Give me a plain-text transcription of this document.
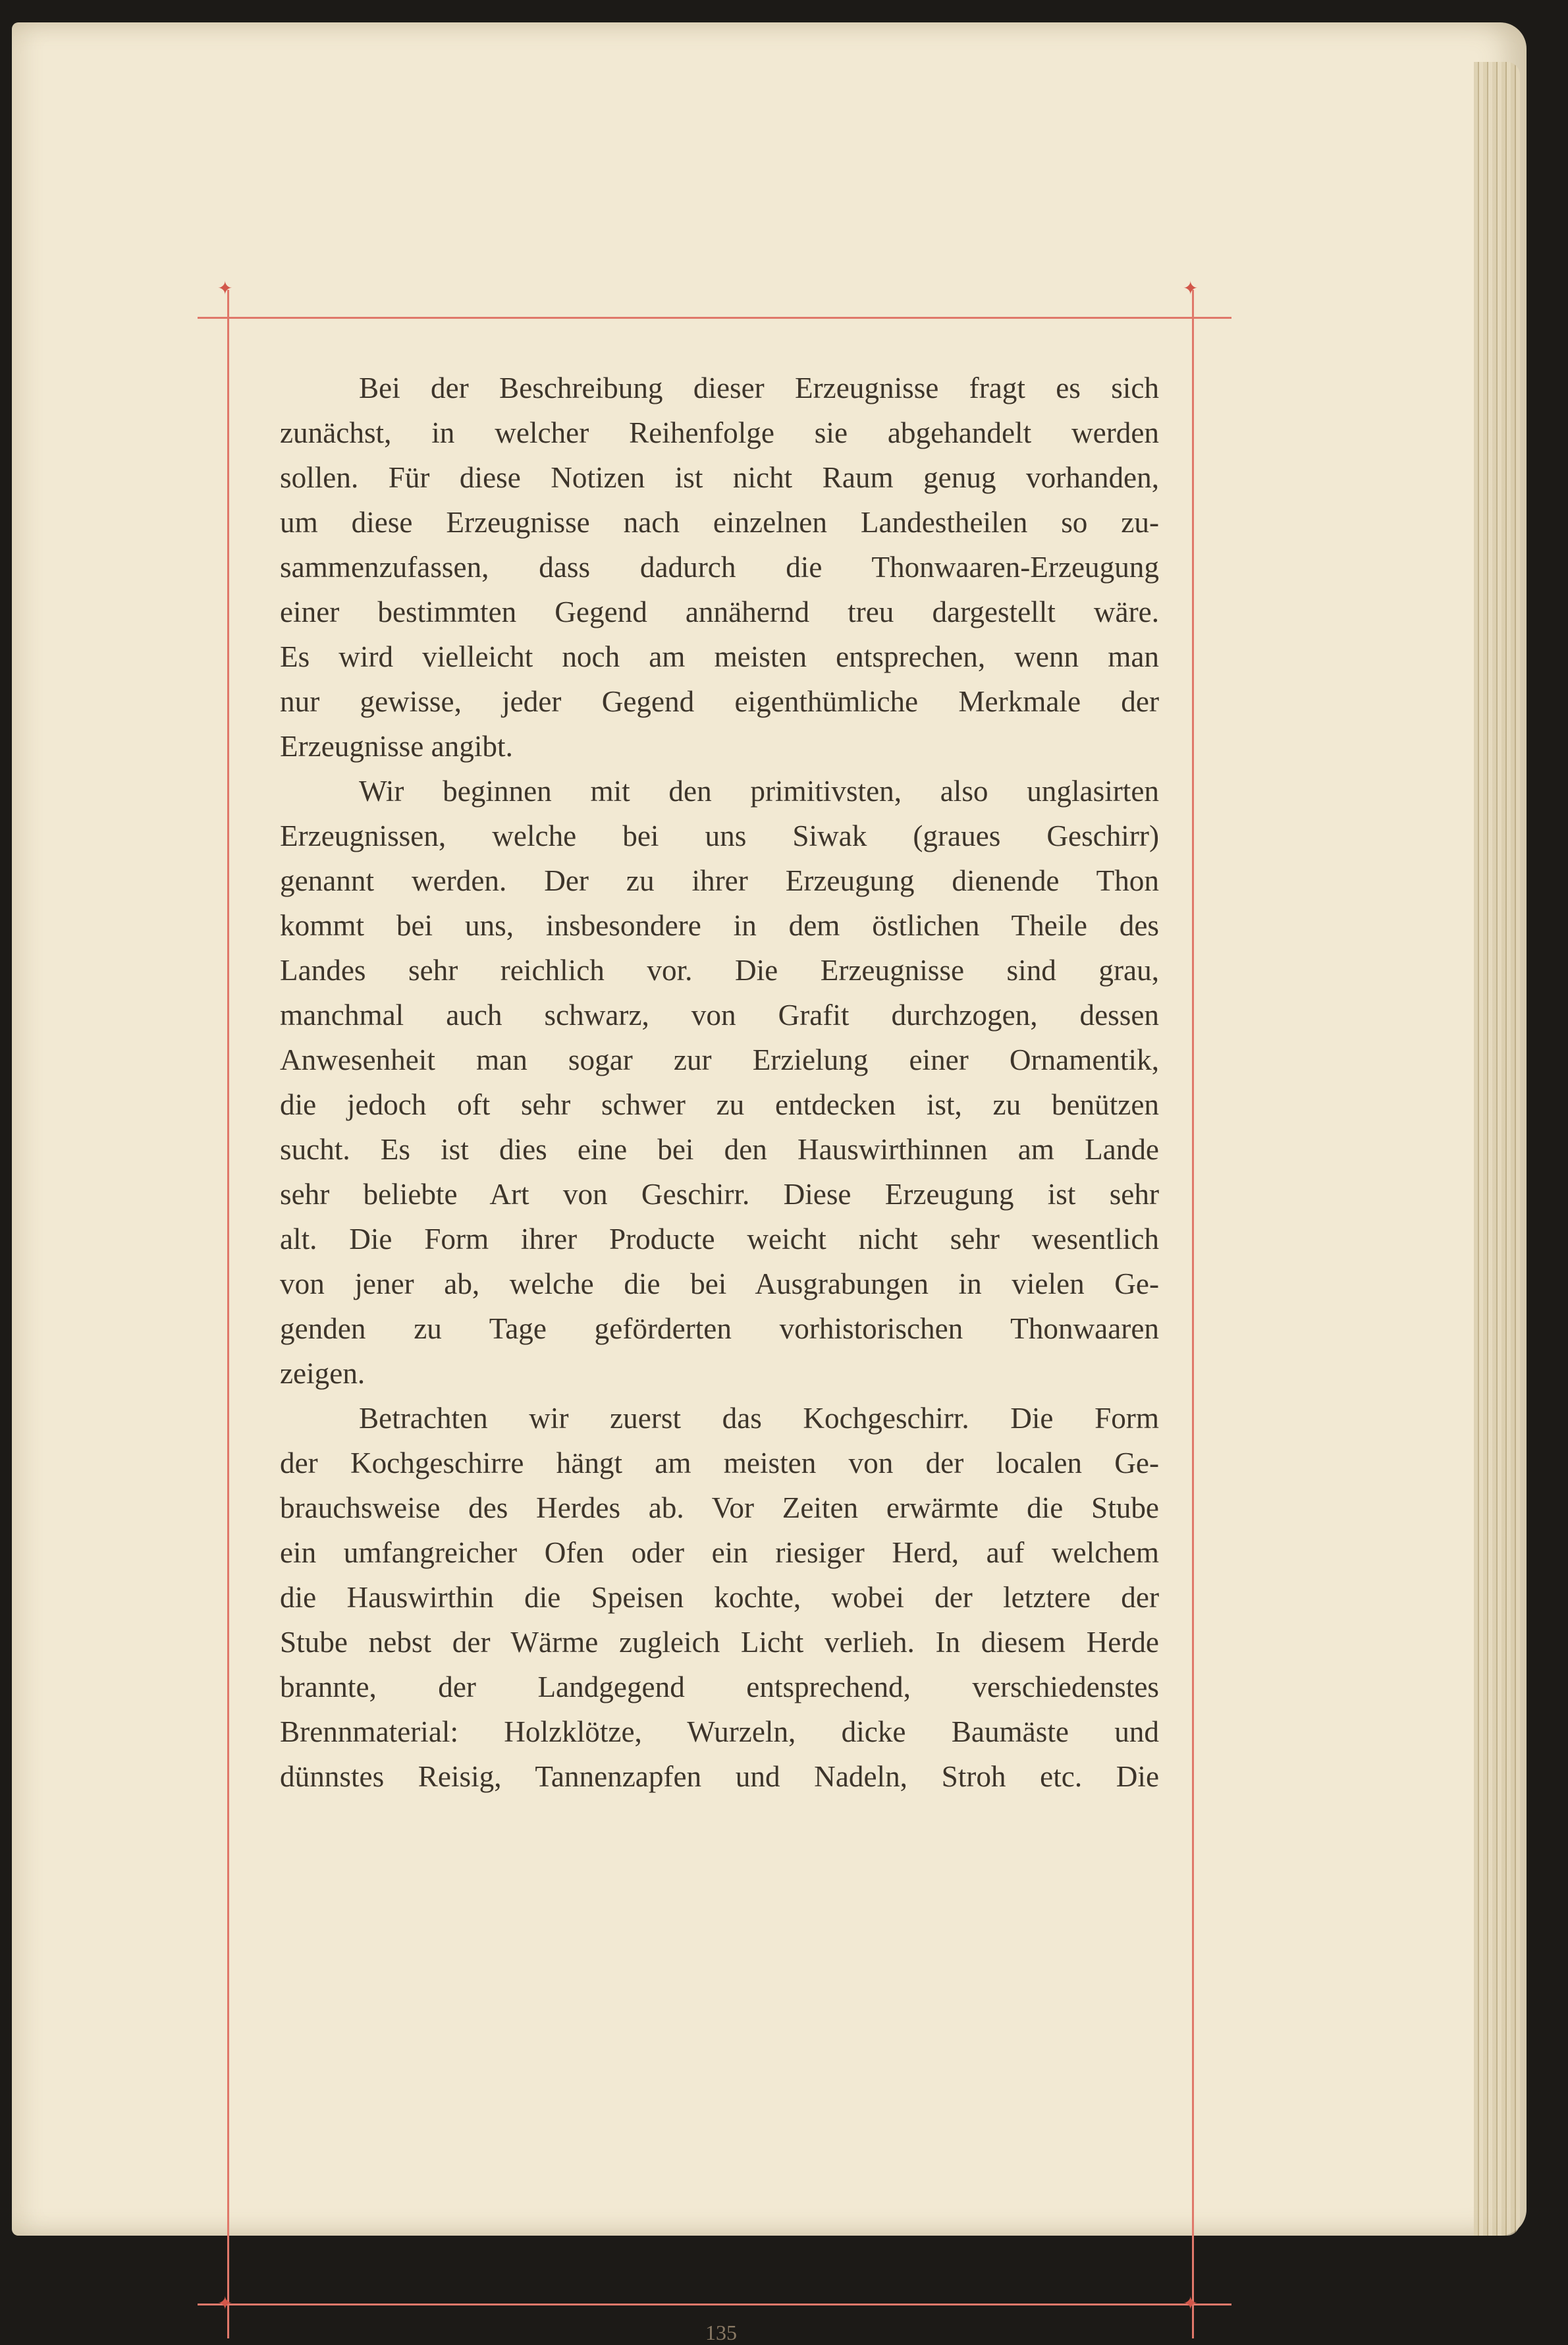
✦	✦
✦	✦
Bei der Beschreibung dieser Erzeugnisse fragt es sich
zunächst, in welcher Reihenfolge sie abgehandelt werden
sollen. Für diese Notizen ist nicht Raum genug vorhanden,
um diese Erzeugnisse nach einzelnen Landestheilen so zu-
sammenzufassen, dass dadurch die Thonwaaren-Erzeugung
einer bestimmten Gegend annähernd treu dargestellt wäre.
Es wird vielleicht noch am meisten entsprechen, wenn man
nur gewisse, jeder Gegend eigenthümliche Merkmale der
Erzeugnisse angibt.
Wir beginnen mit den primitivsten, also unglasirten
Erzeugnissen, welche bei uns Siwak (graues Geschirr)
genannt werden. Der zu ihrer Erzeugung dienende Thon
kommt bei uns, insbesondere in dem östlichen Theile des
Landes sehr reichlich vor. Die Erzeugnisse sind grau,
manchmal auch schwarz, von Grafit durchzogen, dessen
Anwesenheit man sogar zur Erzielung einer Ornamentik,
die jedoch oft sehr schwer zu entdecken ist, zu benützen
sucht. Es ist dies eine bei den Hauswirthinnen am Lande
sehr beliebte Art von Geschirr. Diese Erzeugung ist sehr
alt. Die Form ihrer Producte weicht nicht sehr wesentlich
von jener ab, welche die bei Ausgrabungen in vielen Ge-
genden zu Tage geförderten vorhistorischen Thonwaaren
zeigen.
Betrachten wir zuerst das Kochgeschirr. Die Form
der Kochgeschirre hängt am meisten von der localen Ge-
brauchsweise des Herdes ab. Vor Zeiten erwärmte die Stube
ein umfangreicher Ofen oder ein riesiger Herd, auf welchem
die Hauswirthin die Speisen kochte, wobei der letztere der
Stube nebst der Wärme zugleich Licht verlieh. In diesem Herde
brannte, der Landgegend entsprechend, verschiedenstes
Brennmaterial: Holzklötze, Wurzeln, dicke Baumäste und
dünnstes Reisig, Tannenzapfen und Nadeln, Stroh etc. Die
135
